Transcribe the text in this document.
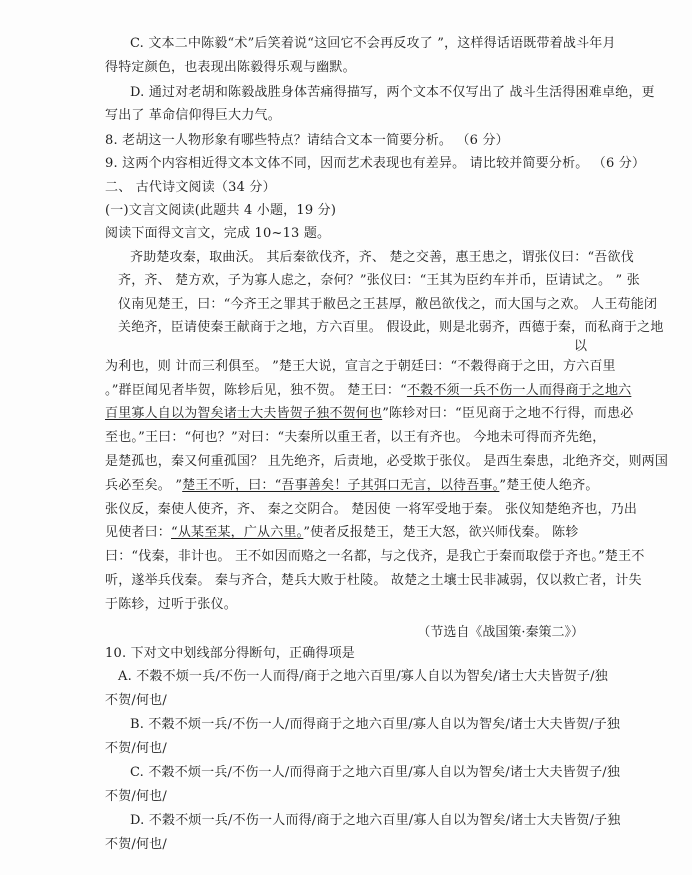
C. 文本二中陈毅“术”后笑着说“这回它不会再反攻了 ”，这样得话语既带着战斗年月
得特定颜色，也表现出陈毅得乐观与幽默。
D. 通过对老胡和陈毅战胜身体苦痛得描写，两个文本不仅写出了 战斗生活得困难卓绝，更
写出了 革命信仰得巨大力气。
8. 老胡这一人物形象有哪些特点？请结合文本一简要分析。 （6 分）
9. 这两个内容相近得文本文体不同，因而艺术表现也有差异。 请比较并简要分析。 （6 分）
二、 古代诗文阅读（34 分）
(一)文言文阅读(此题共 4 小题，19 分)
阅读下面得文言文，完成 10~13 题。
齐助楚攻秦，取曲沃。 其后秦欲伐齐，齐、 楚之交善，惠王患之，谓张仪曰：“吾欲伐
齐，齐、 楚方欢，子为寡人虑之，奈何？”张仪曰：“王其为臣约车并币，臣请试之。 ” 张
仪南见楚王，曰：“今齐王之罪其于敝邑之王甚厚，敝邑欲伐之，而大国与之欢。 人王苟能闭
关绝齐，臣请使秦王献商于之地，方六百里。 假设此，则是北弱齐，西德于秦，而私商于之地
以
为利也，则 计而三利俱至。 ”楚王大说，宣言之于朝廷曰：“不穀得商于之田，方六百里
。”群臣闻见者毕贺，陈轸后见，独不贺。 楚王曰：“不穀不须一兵不伤一人而得商于之地六
百里寡人自以为智矣诸士大夫皆贺子独不贺何也”陈轸对曰：“臣见商于之地不行得，而患必
至也。”王曰：“何也？”对曰：“夫秦所以重王者，以王有齐也。 今地未可得而齐先绝，
是楚孤也，秦又何重孤国？ 且先绝齐，后责地，必受欺于张仪。 是西生秦患，北绝齐交，则两国
兵必至矣。 ”楚王不听，曰：“吾事善矣！子其弭口无言，以待吾事。”楚王使人绝齐。
张仪反，秦使人使齐，齐、 秦之交阴合。 楚因使 一将军受地于秦。 张仪知楚绝齐也，乃出
见使者曰：“从某至某，广从六里。”使者反报楚王，楚王大怒，欲兴师伐秦。 陈轸
曰：“伐秦，非计也。 王不如因而赂之一名都，与之伐齐，是我亡于秦而取偿于齐也。”楚王不
听，遂举兵伐秦。 秦与齐合，楚兵大败于杜陵。 故楚之土壤士民非减弱，仅以救亡者，计失
于陈轸，过听于张仪。
（节选自《战国策·秦策二》）
10. 下对文中划线部分得断句，正确得项是
A. 不穀不烦一兵/不伤一人而得/商于之地六百里/寡人自以为智矣/诸士大夫皆贺子/独
不贺/何也/
B. 不穀不烦一兵/不伤一人/而得商于之地六百里/寡人自以为智矣/诸士大夫皆贺/子独
不贺/何也/
C. 不穀不烦一兵/不伤一人/而得商于之地六百里/寡人自以为智矣/诸士大夫皆贺子/独
不贺/何也/
D. 不穀不烦一兵/不伤一人而得/商于之地六百里/寡人自以为智矣/诸士大夫皆贺/子独
不贺/何也/
